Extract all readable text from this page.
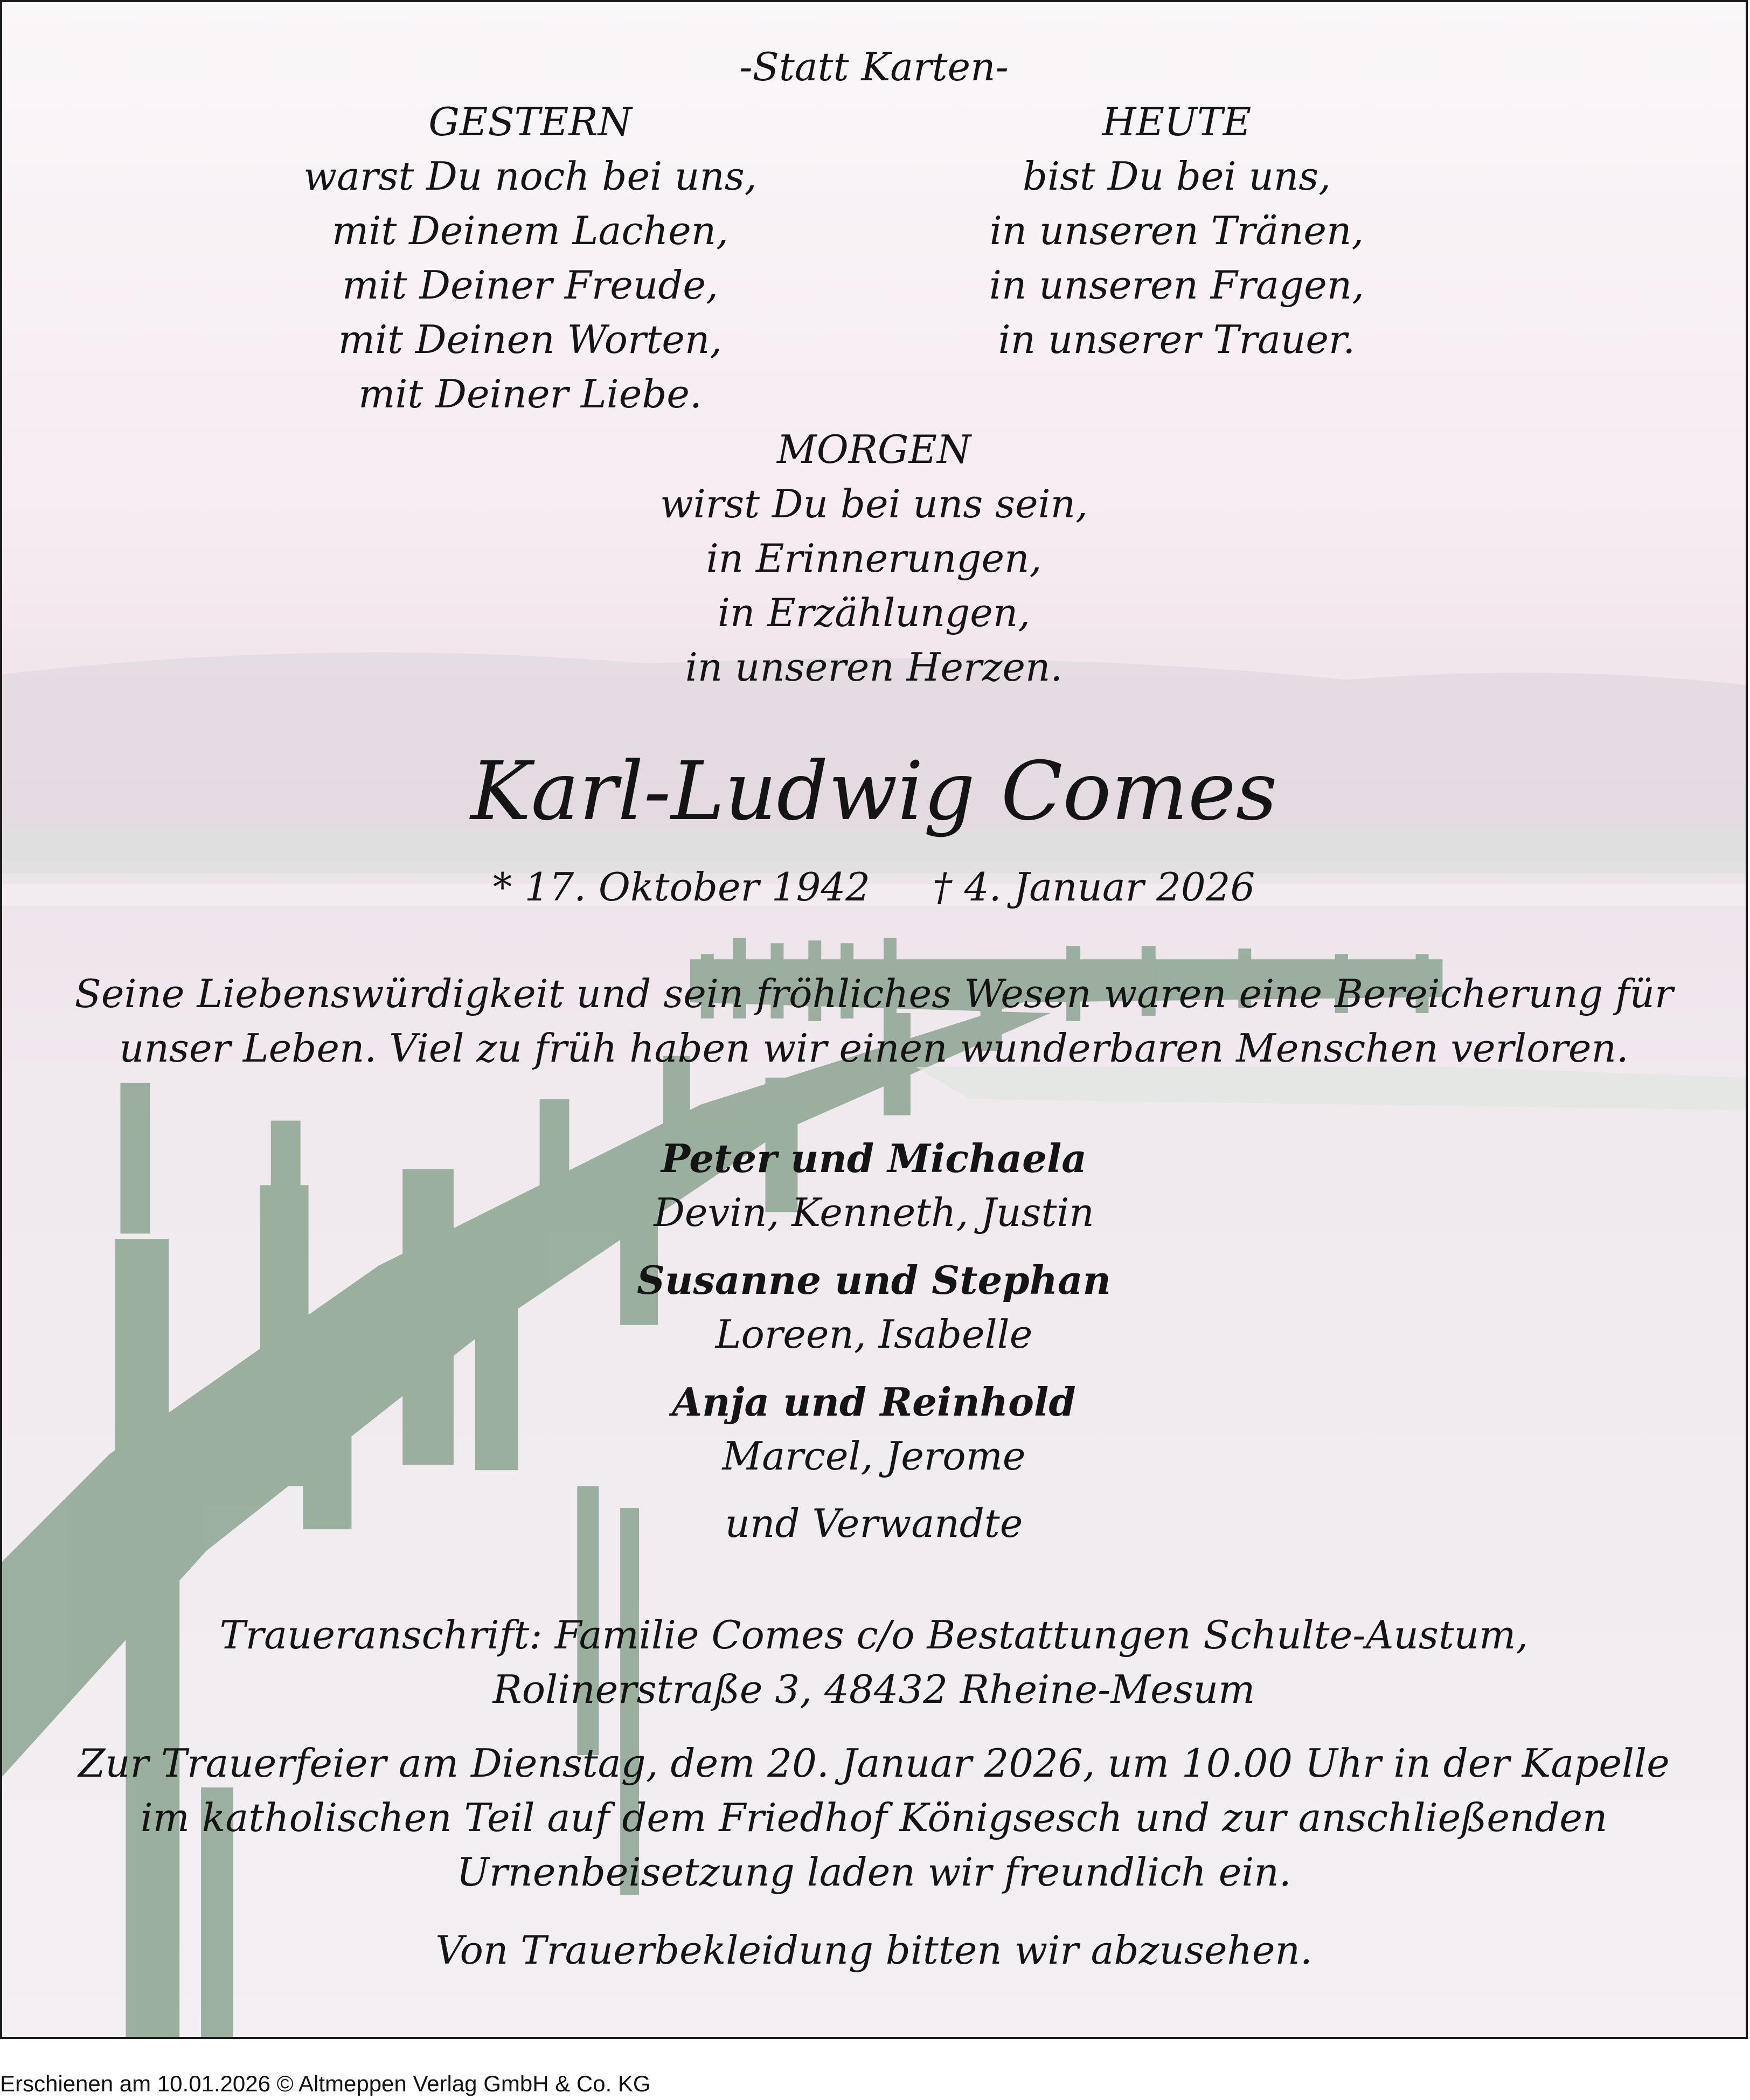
-Statt Karten-
GESTERN
warst Du noch bei uns,
mit Deinem Lachen,
mit Deiner Freude,
mit Deinen Worten,
mit Deiner Liebe.
HEUTE
bist Du bei uns,
in unseren Tränen,
in unseren Fragen,
in unserer Trauer.
MORGEN
wirst Du bei uns sein,
in Erinnerungen,
in Erzählungen,
in unseren Herzen.
Karl-Ludwig Comes
* 17. Oktober 1942 † 4. Januar 2026
Seine Liebenswürdigkeit und sein fröhliches Wesen waren eine Bereicherung für
unser Leben. Viel zu früh haben wir einen wunderbaren Menschen verloren.
Peter und Michaela
Devin, Kenneth, Justin
Susanne und Stephan
Loreen, Isabelle
Anja und Reinhold
Marcel, Jerome
und Verwandte
Traueranschrift: Familie Comes c/o Bestattungen Schulte-Austum,
Rolinerstraße 3, 48432 Rheine-Mesum
Zur Trauerfeier am Dienstag, dem 20. Januar 2026, um 10.00 Uhr in der Kapelle
im katholischen Teil auf dem Friedhof Königsesch und zur anschließenden
Urnenbeisetzung laden wir freundlich ein.
Von Trauerbekleidung bitten wir abzusehen.
Erschienen am 10.01.2026 © Altmeppen Verlag GmbH & Co. KG
